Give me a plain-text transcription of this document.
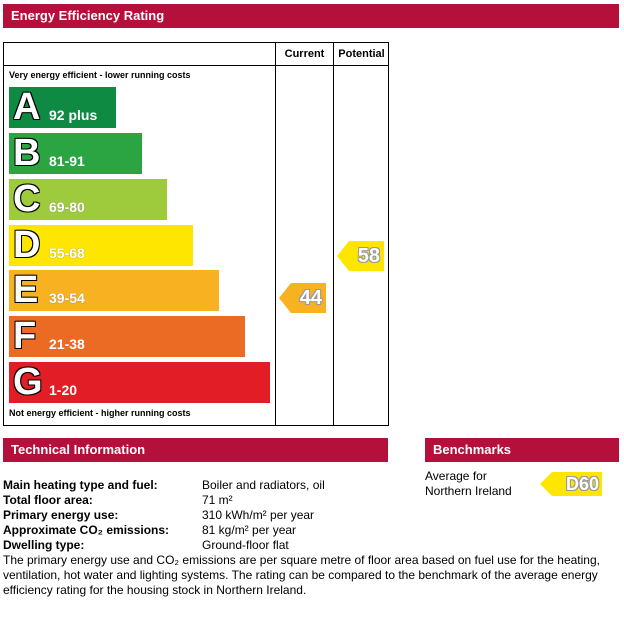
Energy Efficiency Rating
Current	Potential
Very energy efficient - lower running costs
A 92 plus
B 81-91
C 69-80
D 55-68
E 39-54
F 21-38
G 1-20
Not energy efficient - higher running costs
44
58
Technical Information
Main heating type and fuel:	Boiler and radiators, oil
Total floor area:	71 m²
Primary energy use:	310 kWh/m² per year
Approximate CO₂ emissions:	81 kg/m² per year
Dwelling type:	Ground-floor flat
Benchmarks
Average for Northern Ireland	D60
The primary energy use and CO₂ emissions are per square metre of floor area based on fuel use for the heating, ventilation, hot water and lighting systems. The rating can be compared to the benchmark of the average energy efficiency rating for the housing stock in Northern Ireland.
